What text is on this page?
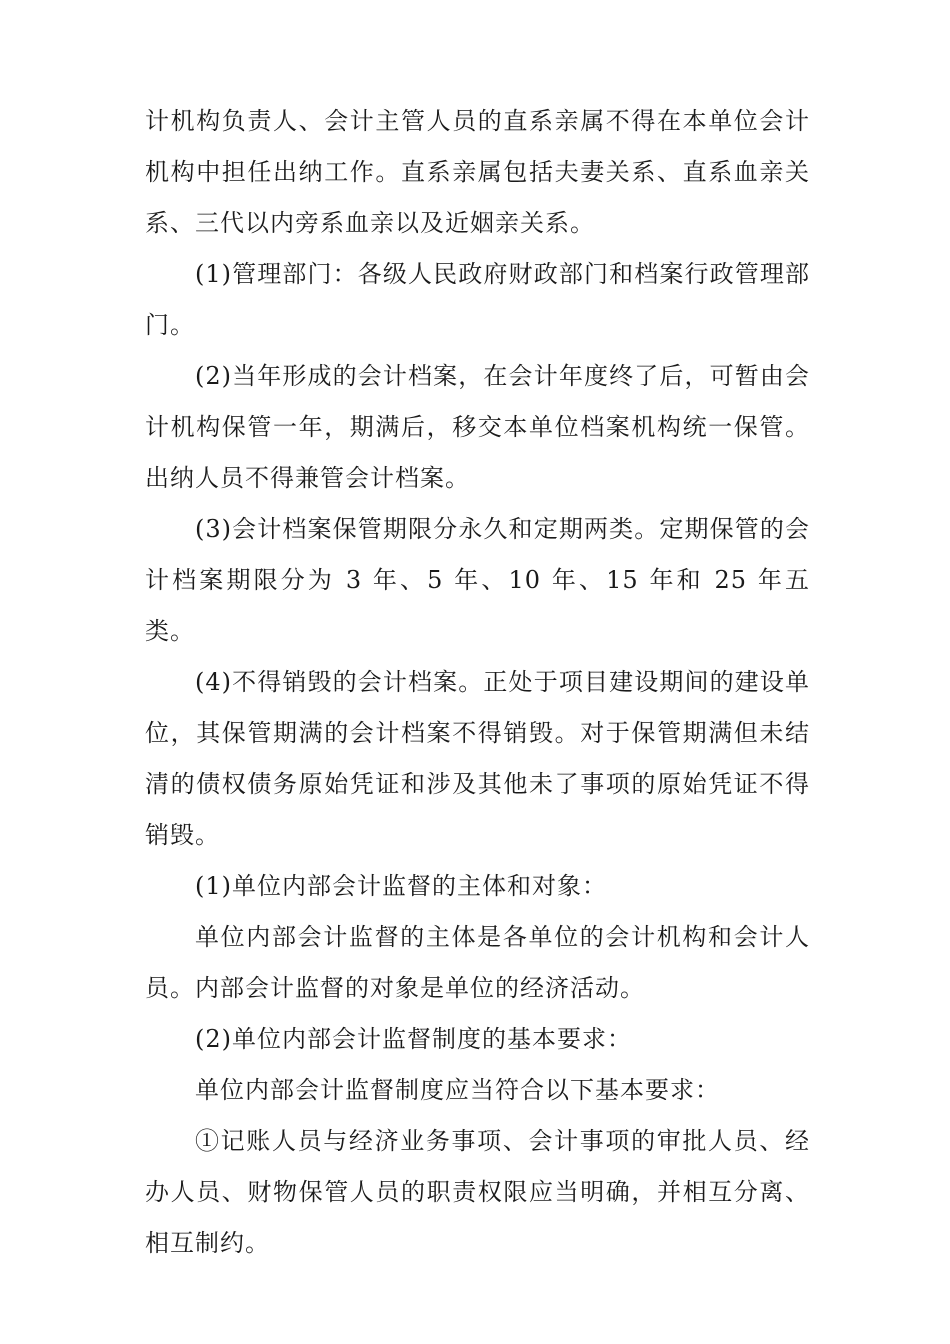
计机构负责人、会计主管人员的直系亲属不得在本单位会计机构中担任出纳工作。直系亲属包括夫妻关系、直系血亲关系、三代以内旁系血亲以及近姻亲关系。

(1)管理部门：各级人民政府财政部门和档案行政管理部门。

(2)当年形成的会计档案，在会计年度终了后，可暂由会计机构保管一年，期满后，移交本单位档案机构统一保管。出纳人员不得兼管会计档案。

(3)会计档案保管期限分永久和定期两类。定期保管的会计档案期限分为 3 年、5 年、10 年、15 年和 25 年五类。

(4)不得销毁的会计档案。正处于项目建设期间的建设单位，其保管期满的会计档案不得销毁。对于保管期满但未结清的债权债务原始凭证和涉及其他未了事项的原始凭证不得销毁。

(1)单位内部会计监督的主体和对象：

单位内部会计监督的主体是各单位的会计机构和会计人员。内部会计监督的对象是单位的经济活动。

(2)单位内部会计监督制度的基本要求：

单位内部会计监督制度应当符合以下基本要求：

①记账人员与经济业务事项、会计事项的审批人员、经办人员、财物保管人员的职责权限应当明确，并相互分离、相互制约。
